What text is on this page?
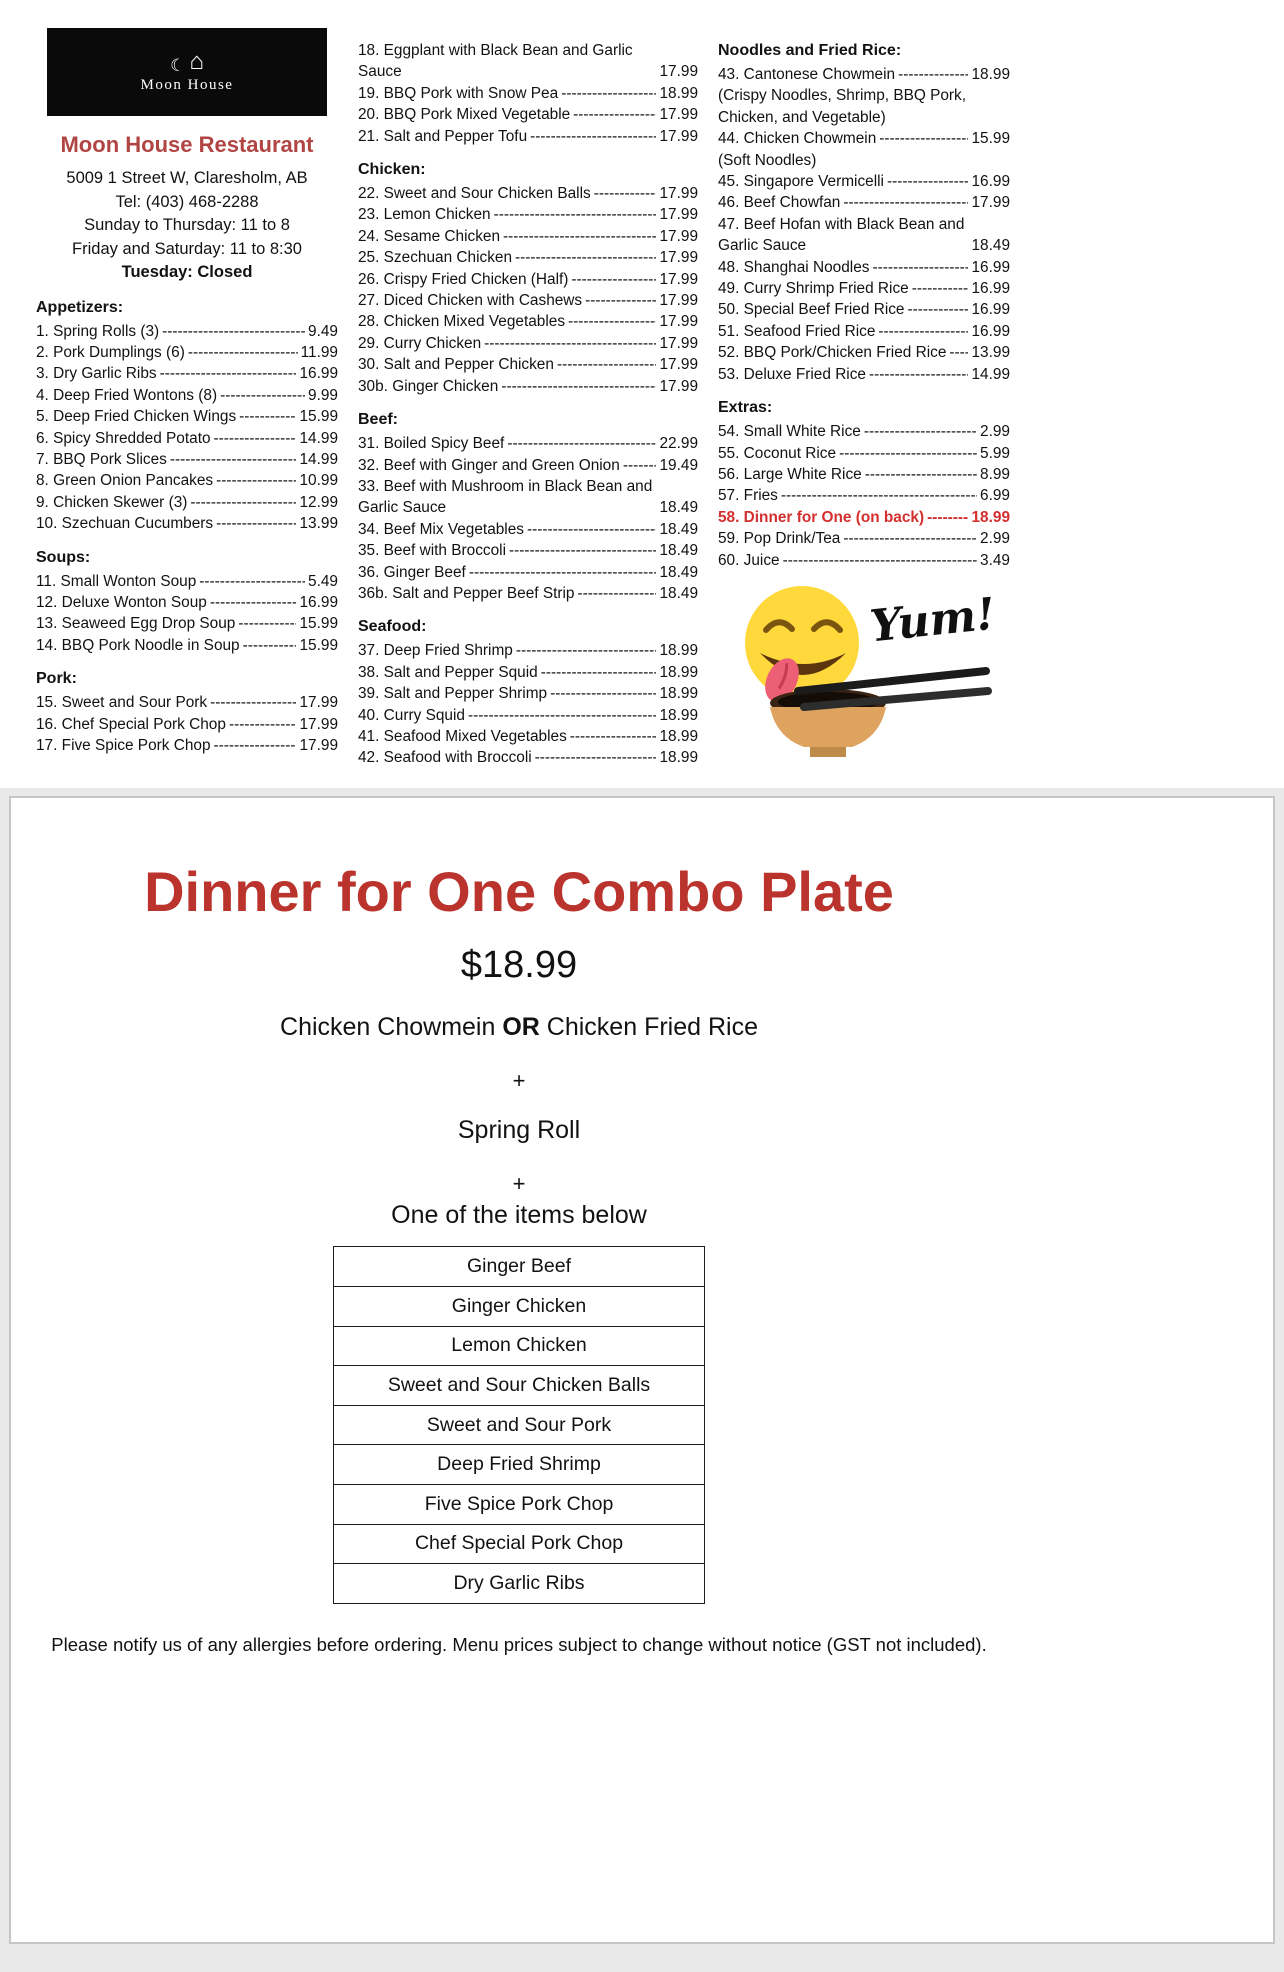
☾ ⌂
Moon House
Moon House Restaurant
5009 1 Street W, Claresholm, AB
Tel: (403) 468-2288
Sunday to Thursday: 11 to 8
Friday and Saturday: 11 to 8:30
Tuesday: Closed
Appetizers:
1. Spring Rolls (3) -----	9.49
2. Pork Dumplings (6) -----	11.99
3. Dry Garlic Ribs -----	16.99
4. Deep Fried Wontons (8) -----	9.99
5. Deep Fried Chicken Wings -----	15.99
6. Spicy Shredded Potato -----	14.99
7. BBQ Pork Slices -----	14.99
8. Green Onion Pancakes -----	10.99
9. Chicken Skewer (3) -----	12.99
10. Szechuan Cucumbers -----	13.99
Soups:
11. Small Wonton Soup -----	5.49
12. Deluxe Wonton Soup -----	16.99
13. Seaweed Egg Drop Soup -----	15.99
14. BBQ Pork Noodle in Soup -----	15.99
Pork:
15. Sweet and Sour Pork -----	17.99
16. Chef Special Pork Chop -----	17.99
17. Five Spice Pork Chop -----	17.99
18. Eggplant with Black Bean and Garlic Sauce	17.99
19. BBQ Pork with Snow Pea -----	18.99
20. BBQ Pork Mixed Vegetable -----	17.99
21. Salt and Pepper Tofu -----	17.99
Chicken:
22. Sweet and Sour Chicken Balls -----	17.99
23. Lemon Chicken -----	17.99
24. Sesame Chicken -----	17.99
25. Szechuan Chicken -----	17.99
26. Crispy Fried Chicken (Half) -----	17.99
27. Diced Chicken with Cashews -----	17.99
28. Chicken Mixed Vegetables -----	17.99
29. Curry Chicken -----	17.99
30. Salt and Pepper Chicken -----	17.99
30b. Ginger Chicken -----	17.99
Beef:
31. Boiled Spicy Beef -----	22.99
32. Beef with Ginger and Green Onion -----	19.49
33. Beef with Mushroom in Black Bean and Garlic Sauce	18.49
34. Beef Mix Vegetables -----	18.49
35. Beef with Broccoli -----	18.49
36. Ginger Beef -----	18.49
36b. Salt and Pepper Beef Strip -----	18.49
Seafood:
37. Deep Fried Shrimp -----	18.99
38. Salt and Pepper Squid -----	18.99
39. Salt and Pepper Shrimp -----	18.99
40. Curry Squid -----	18.99
41. Seafood Mixed Vegetables -----	18.99
42. Seafood with Broccoli -----	18.99
Noodles and Fried Rice:
43. Cantonese Chowmein -----	18.99
(Crispy Noodles, Shrimp, BBQ Pork, Chicken, and Vegetable)
44. Chicken Chowmein -----	15.99
(Soft Noodles)
45. Singapore Vermicelli -----	16.99
46. Beef Chowfan -----	17.99
47. Beef Hofan with Black Bean and Garlic Sauce	18.49
48. Shanghai Noodles -----	16.99
49. Curry Shrimp Fried Rice -----	16.99
50. Special Beef Fried Rice -----	16.99
51. Seafood Fried Rice -----	16.99
52. BBQ Pork/Chicken Fried Rice ----- 13.99
53. Deluxe Fried Rice -----	14.99
Extras:
54. Small White Rice -----	2.99
55. Coconut Rice -----	5.99
56. Large White Rice -----	8.99
57. Fries -----	6.99
58. Dinner for One (on back) -----	18.99
59. Pop Drink/Tea -----	2.99
60. Juice -----	3.49
Yum!
Dinner for One Combo Plate
$18.99
Chicken Chowmein OR Chicken Fried Rice
+
Spring Roll
+
One of the items below
Ginger Beef
Ginger Chicken
Lemon Chicken
Sweet and Sour Chicken Balls
Sweet and Sour Pork
Deep Fried Shrimp
Five Spice Pork Chop
Chef Special Pork Chop
Dry Garlic Ribs
Please notify us of any allergies before ordering. Menu prices subject to change without notice (GST not included).
